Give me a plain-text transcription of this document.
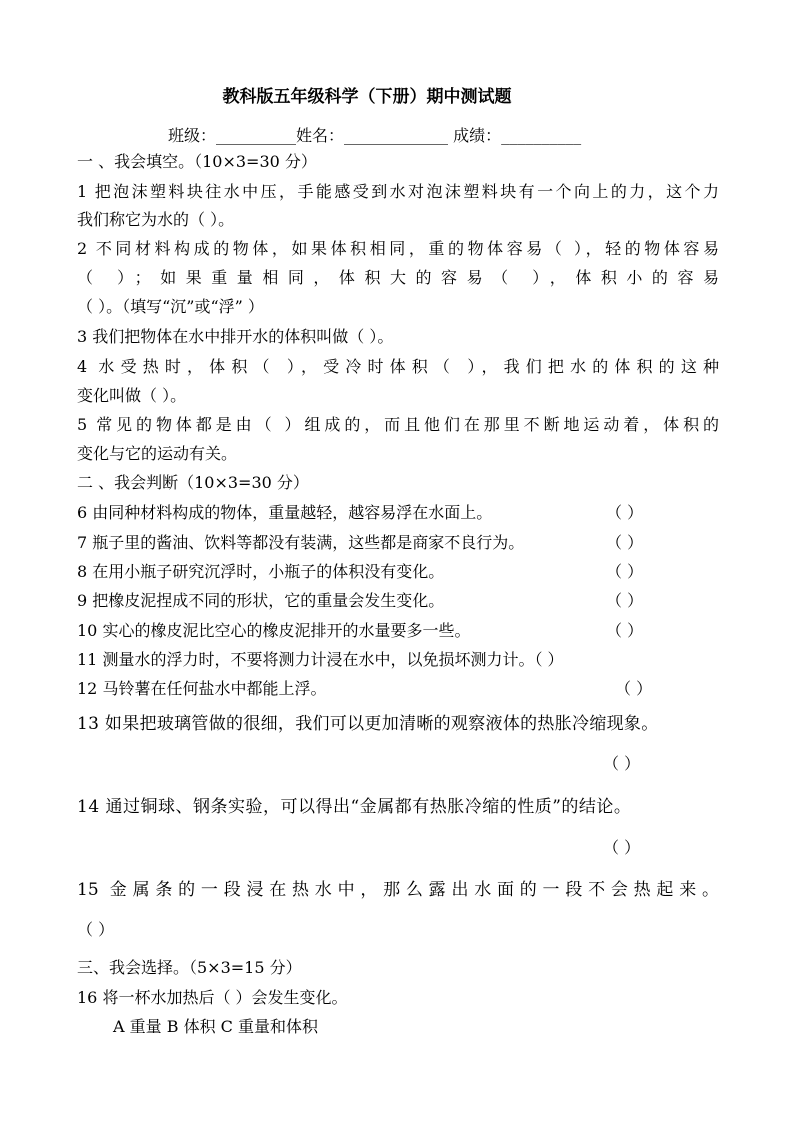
教科版五年级科学（下册）期中测试题
班级：__________姓名：_____________ 成绩：__________
一 、我会填空。（10×3=30 分）
1 把泡沫塑料块往水中压，手能感受到水对泡沫塑料块有一个向上的力，这个力
我们称它为水的（ ）。
2 不同材料构成的物体，如果体积相同，重的物体容易（ ），轻的物体容易
（ ）；如果重量相同，体积大的容易（ ），体积小的容易
（ ）。（填写“沉”或“浮” ）
3 我们把物体在水中排开水的体积叫做（ ）。
4 水受热时，体积（ ），受冷时体积（ ），我们把水的体积的这种
变化叫做（ ）。
5 常见的物体都是由（ ）组成的，而且他们在那里不断地运动着，体积的
变化与它的运动有关。
二 、我会判断（10×3=30 分）
6 由同种材料构成的物体，重量越轻，越容易浮在水面上。	（ ）
7 瓶子里的酱油、饮料等都没有装满，这些都是商家不良行为。	（ ）
8 在用小瓶子研究沉浮时，小瓶子的体积没有变化。	（ ）
9 把橡皮泥捏成不同的形状，它的重量会发生变化。	（ ）
10 实心的橡皮泥比空心的橡皮泥排开的水量要多一些。	（ ）
11 测量水的浮力时，不要将测力计浸在水中，以免损坏测力计。（ ）
12 马铃薯在任何盐水中都能上浮。	（ ）
13 如果把玻璃管做的很细，我们可以更加清晰的观察液体的热胀冷缩现象。
（ ）
14 通过铜球、钢条实验，可以得出“金属都有热胀冷缩的性质”的结论。
（ ）
15 金属条的一段浸在热水中，那么露出水面的一段不会热起来。
（ ）
三、我会选择。（5×3=15 分）
16 将一杯水加热后（ ）会发生变化。
A 重量 B 体积 C 重量和体积
